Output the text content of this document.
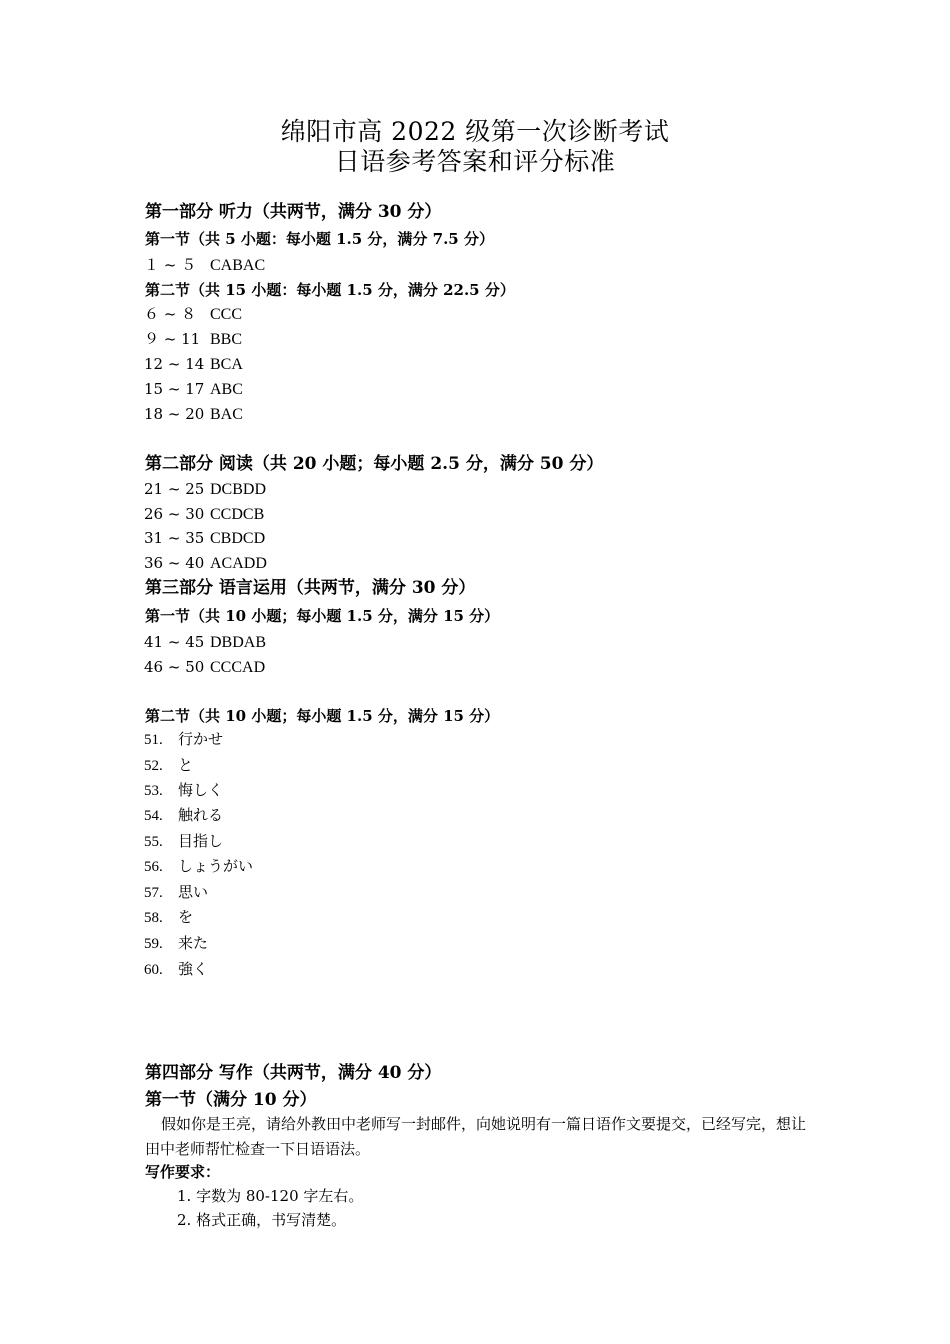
绵阳市高 2022 级第一次诊断考试
日语参考答案和评分标准
第一部分 听力（共两节，满分 30 分）
第一节（共 5 小题：每小题 1.5 分，满分 7.5 分）
１ ~ ５ CABAC
第二节（共 15 小题：每小题 1.5 分，满分 22.5 分）
６ ~ ８ CCC
９ ~ 11 BBC
12 ~ 14 BCA
15 ~ 17 ABC
18 ~ 20 BAC
第二部分 阅读（共 20 小题；每小题 2.5 分，满分 50 分）
21 ~ 25 DCBDD
26 ~ 30 CCDCB
31 ~ 35 CBDCD
36 ~ 40 ACADD
第三部分 语言运用（共两节，满分 30 分）
第一节（共 10 小题；每小题 1.5 分，满分 15 分）
41 ~ 45 DBDAB
46 ~ 50 CCCAD
第二节（共 10 小题；每小题 1.5 分，满分 15 分）
51. 行かせ
52. と
53. 悔しく
54. 触れる
55. 目指し
56. しょうがい
57. 思い
58. を
59. 来た
60. 強く
第四部分 写作（共两节，满分 40 分）
第一节（满分 10 分）
假如你是王亮，请给外教田中老师写一封邮件，向她说明有一篇日语作文要提交，已经写完，想让田中老师帮忙检查一下日语语法。
写作要求：
1. 字数为 80-120 字左右。
2. 格式正确，书写清楚。
